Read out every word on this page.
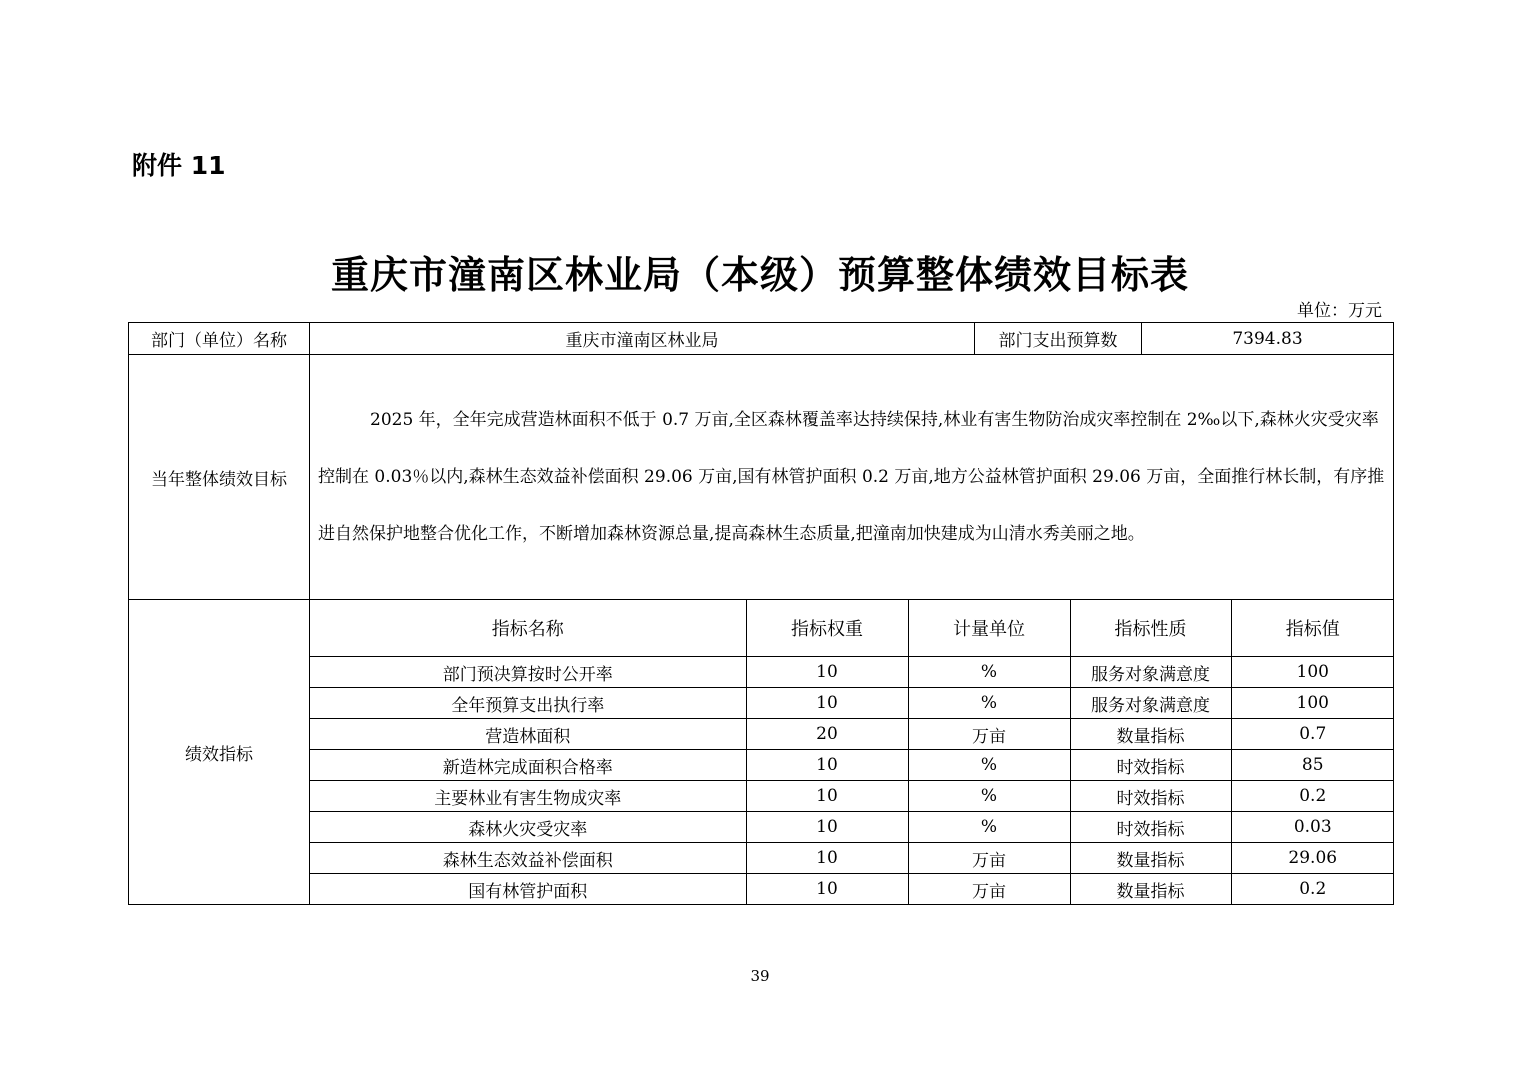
附件 11
重庆市潼南区林业局（本级）预算整体绩效目标表
单位：万元
部门（单位）名称	重庆市潼南区林业局	部门支出预算数	7394.83
当年整体绩效目标	2025 年，全年完成营造林面积不低于 0.7 万亩,全区森林覆盖率达持续保持,林业有害生物防治成灾率控制在 2‰以下,森林火灾受灾率控制在 0.03％以内,森林生态效益补偿面积 29.06 万亩,国有林管护面积 0.2 万亩,地方公益林管护面积 29.06 万亩，全面推行林长制，有序推进自然保护地整合优化工作，不断增加森林资源总量,提高森林生态质量,把潼南加快建成为山清水秀美丽之地。
绩效指标	
指标名称	指标权重	计量单位	指标性质	指标值
部门预决算按时公开率	10	%	服务对象满意度	100
全年预算支出执行率	10	%	服务对象满意度	100
营造林面积	20	万亩	数量指标	0.7
新造林完成面积合格率	10	%	时效指标	85
主要林业有害生物成灾率	10	%	时效指标	0.2
森林火灾受灾率	10	%	时效指标	0.03
森林生态效益补偿面积	10	万亩	数量指标	29.06
国有林管护面积	10	万亩	数量指标	0.2
39
